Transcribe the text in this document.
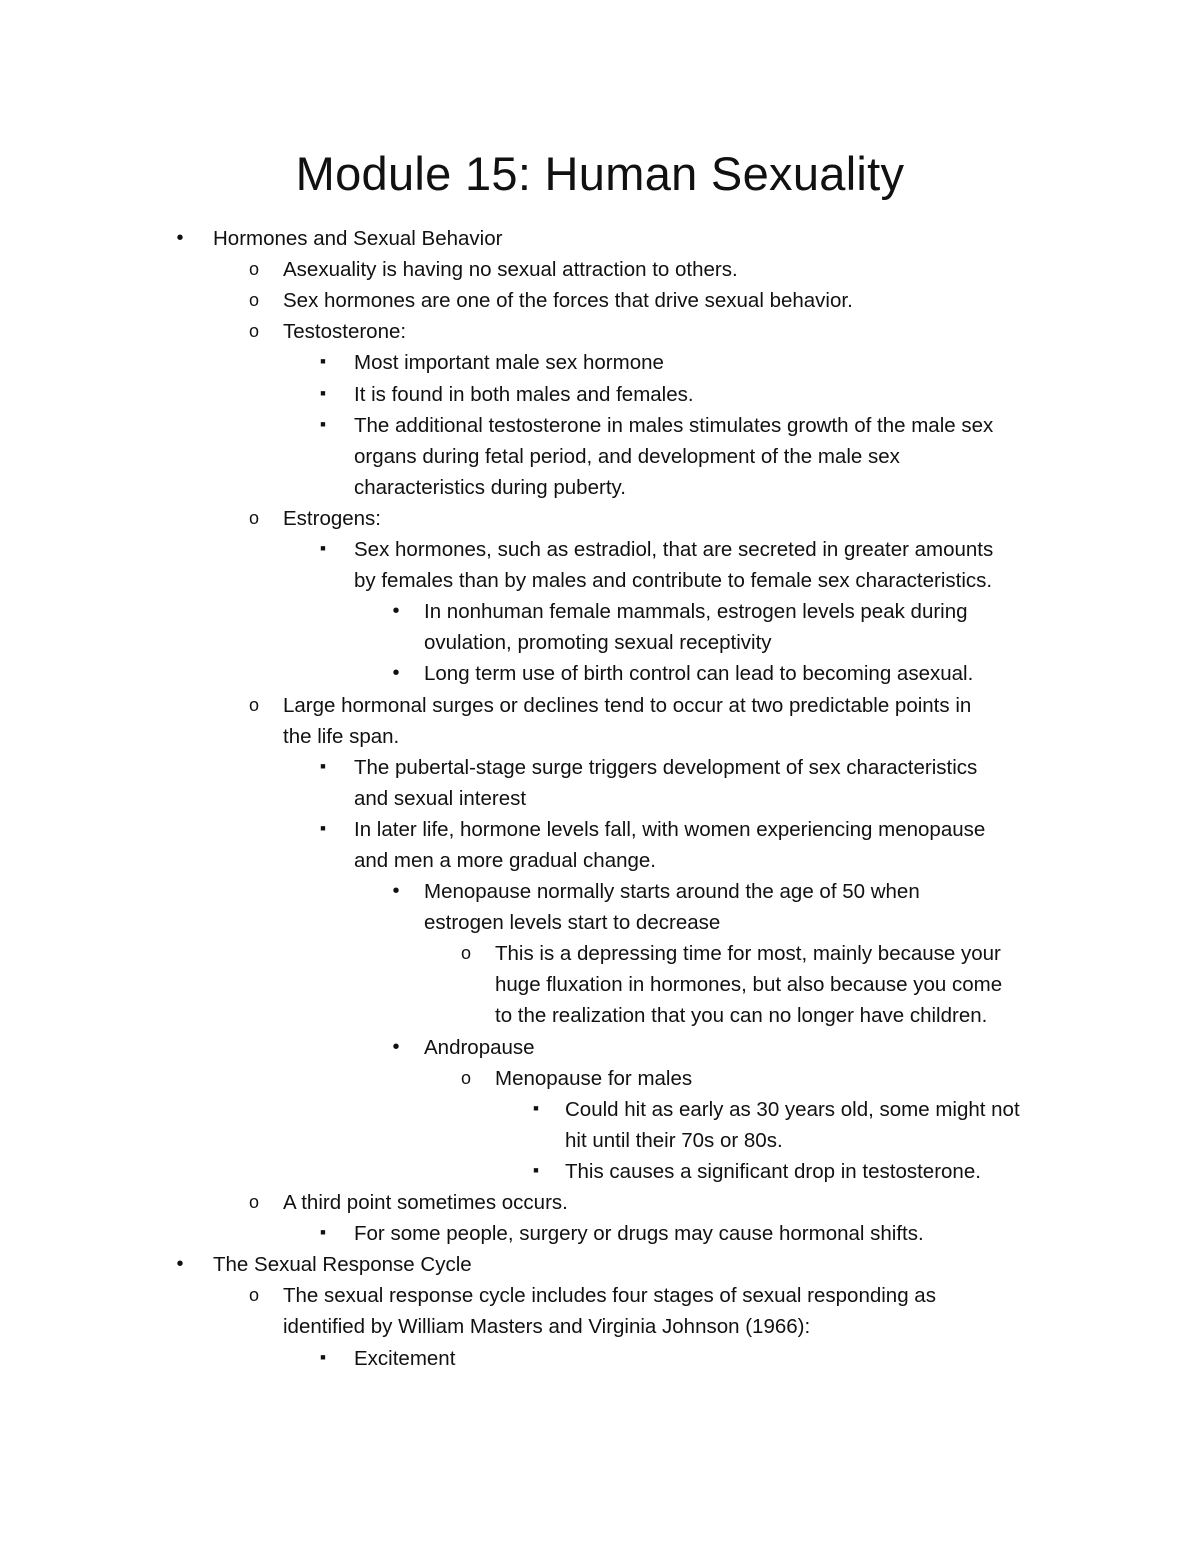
Module 15: Human Sexuality
•	Hormones and Sexual Behavior
o Asexuality is having no sexual attraction to others.
o Sex hormones are one of the forces that drive sexual behavior.
o Testosterone:
■	Most important male sex hormone
■	It is found in both males and females.
■	The additional testosterone in males stimulates growth of the male sex
organs during fetal period, and development of the male sex
characteristics during puberty.
o Estrogens:
■	Sex hormones, such as estradiol, that are secreted in greater amounts
by females than by males and contribute to female sex characteristics.
•	In nonhuman female mammals, estrogen levels peak during
ovulation, promoting sexual receptivity
•	Long term use of birth control can lead to becoming asexual.
o Large hormonal surges or declines tend to occur at two predictable points in
the life span.
■	The pubertal-stage surge triggers development of sex characteristics
and sexual interest
■	In later life, hormone levels fall, with women experiencing menopause
and men a more gradual change.
•	Menopause normally starts around the age of 50 when
estrogen levels start to decrease
o This is a depressing time for most, mainly because your
huge fluxation in hormones, but also because you come
to the realization that you can no longer have children.
•	Andropause
o Menopause for males
■	Could hit as early as 30 years old, some might not
hit until their 70s or 80s.
■	This causes a significant drop in testosterone.
o A third point sometimes occurs.
■	For some people, surgery or drugs may cause hormonal shifts.
•	The Sexual Response Cycle
o The sexual response cycle includes four stages of sexual responding as
identified by William Masters and Virginia Johnson (1966):
■	Excitement
